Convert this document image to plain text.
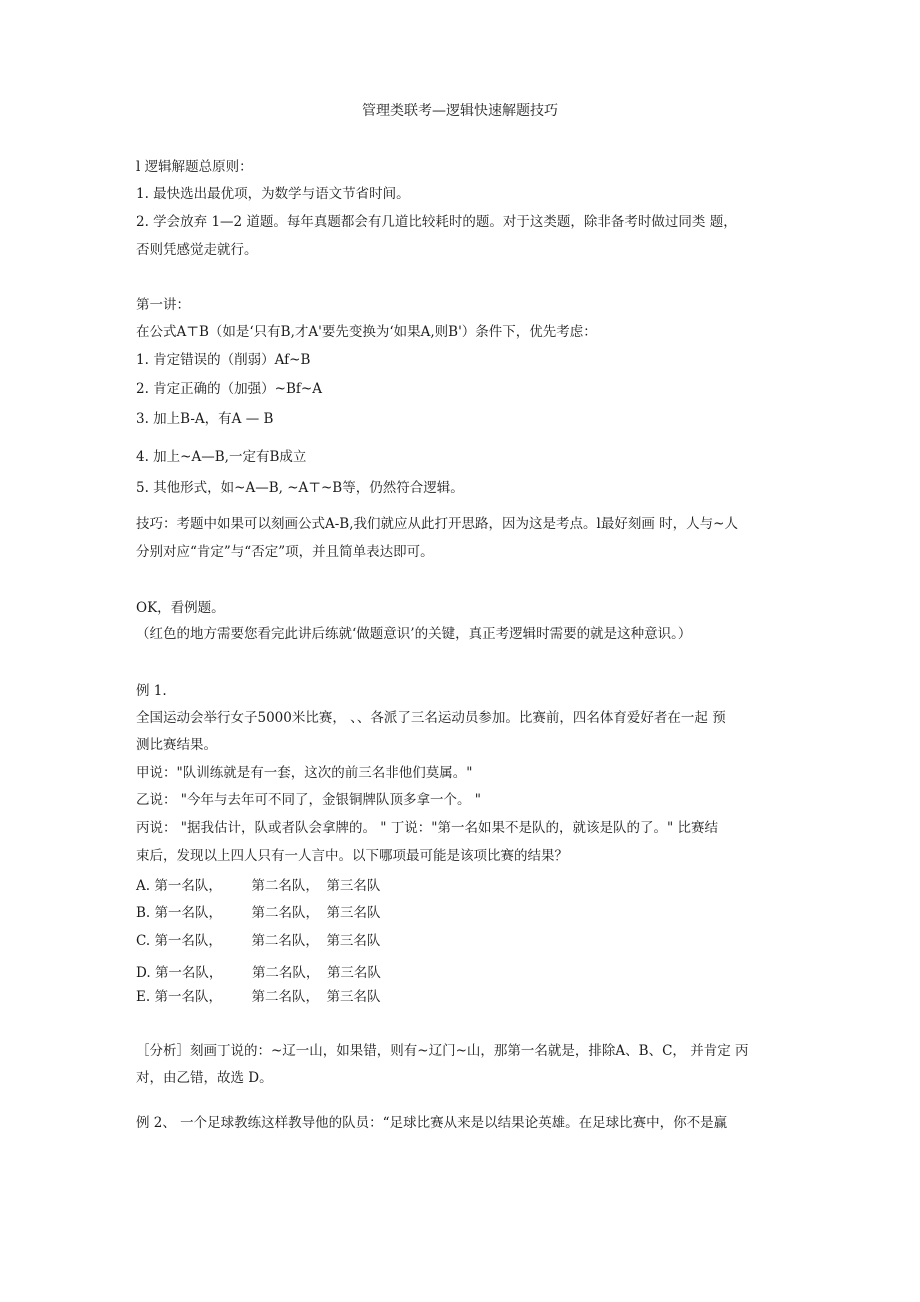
管理类联考—逻辑快速解题技巧
l 逻辑解题总原则：
1. 最快选出最优项，为数学与语文节省时间。
2. 学会放弃 1—2 道题。每年真题都会有几道比较耗时的题。对于这类题，除非备考时做过同类 题，
否则凭感觉走就行。
第一讲：
在公式A⊤B（如是‘只有B,才A'要先变换为‘如果A,则B'）条件下，优先考虑：
1. 肯定错误的（削弱）Af~B
2. 肯定正确的（加强）~Bf~A
3. 加上B-A，有A — B
4. 加上~A—B,一定有B成立
5. 其他形式，如~A—B, ~A⊤~B等，仍然符合逻辑。
技巧：考题中如果可以刻画公式A-B,我们就应从此打开思路，因为这是考点。l最好刻画 时，人与~人
分别对应“肯定”与“否定”项，并且简单表达即可。
OK，看例题。
（红色的地方需要您看完此讲后练就‘做题意识’的关键，真正考逻辑时需要的就是这种意识。）
例 1.
全国运动会举行女子5000米比赛， 、、各派了三名运动员参加。比赛前，四名体育爱好者在一起 预
测比赛结果。
甲说："队训练就是有一套，这次的前三名非他们莫属。"
乙说： "今年与去年可不同了，金银铜牌队顶多拿一个。 "
丙说： "据我估计，队或者队会拿牌的。 " 丁说："第一名如果不是队的，就该是队的了。" 比赛结
束后，发现以上四人只有一人言中。以下哪项最可能是该项比赛的结果？
A. 第一名队， 第二名队， 第三名队
B. 第一名队， 第二名队， 第三名队
C. 第一名队， 第二名队， 第三名队
D. 第一名队， 第二名队， 第三名队
E. 第一名队， 第二名队， 第三名队
［分析］刻画丁说的：~辽一山，如果错，则有~辽门~山，那第一名就是，排除A、B、C， 并肯定 丙
对，由乙错，故选 D。
例 2、 一个足球教练这样教导他的队员：“足球比赛从来是以结果论英雄。在足球比赛中，你不是赢
